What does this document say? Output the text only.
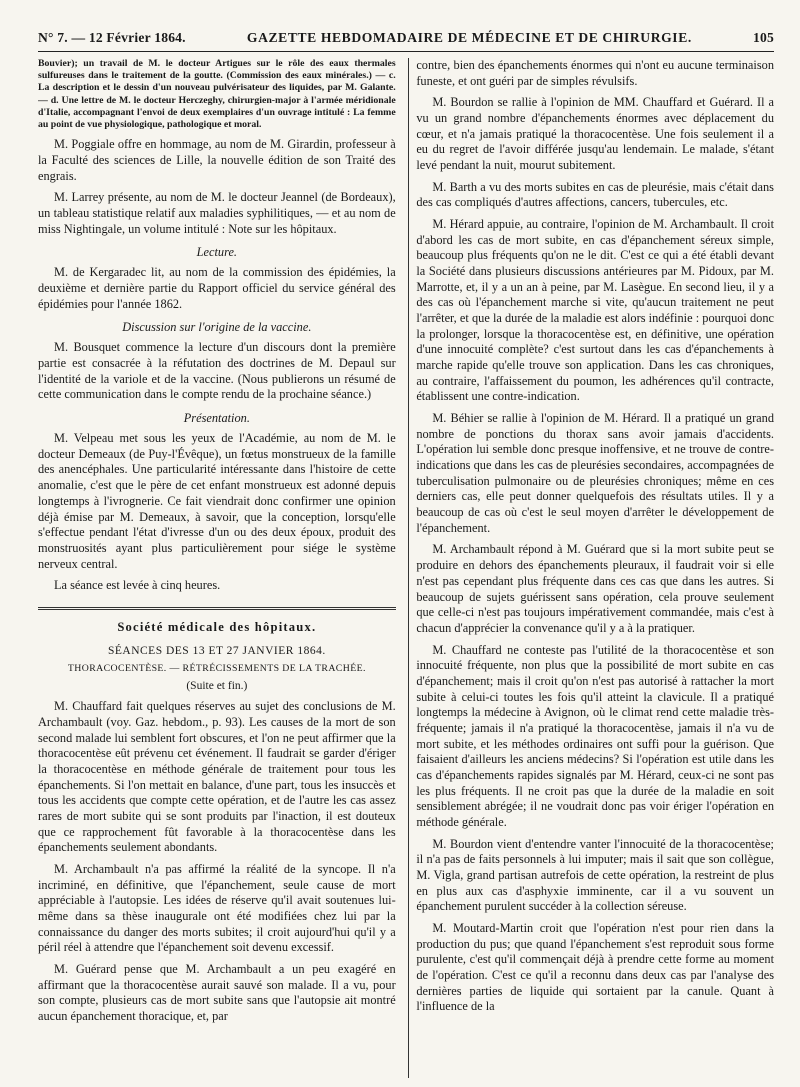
N° 7. — 12 Février 1864.	GAZETTE HEBDOMADAIRE DE MÉDECINE ET DE CHIRURGIE.	105

Bouvier); un travail de M. le docteur Artigues sur le rôle des eaux thermales sulfureuses dans le traitement de la goutte. (Commission des eaux minérales.) — c. La description et le dessin d'un nouveau pulvérisateur des liquides, par M. Galante. — d. Une lettre de M. le docteur Herczeghy, chirurgien-major à l'armée méridionale d'Italie, accompagnant l'envoi de deux exemplaires d'un ouvrage intitulé : La femme au point de vue physiologique, pathologique et moral.

M. Poggiale offre en hommage, au nom de M. Girardin, professeur à la Faculté des sciences de Lille, la nouvelle édition de son Traité des engrais.

M. Larrey présente, au nom de M. le docteur Jeannel (de Bordeaux), un tableau statistique relatif aux maladies syphilitiques, — et au nom de miss Nightingale, un volume intitulé : Note sur les hôpitaux.

Lecture.

M. de Kergaradec lit, au nom de la commission des épidémies, la deuxième et dernière partie du Rapport officiel du service général des épidémies pour l'année 1862.

Discussion sur l'origine de la vaccine.

M. Bousquet commence la lecture d'un discours dont la première partie est consacrée à la réfutation des doctrines de M. Depaul sur l'identité de la variole et de la vaccine. (Nous publierons un résumé de cette communication dans le compte rendu de la prochaine séance.)

Présentation.

M. Velpeau met sous les yeux de l'Académie, au nom de M. le docteur Demeaux (de Puy-l'Évêque), un fœtus monstrueux de la famille des anencéphales. Une particularité intéressante dans l'histoire de cette anomalie, c'est que le père de cet enfant monstrueux est adonné depuis longtemps à l'ivrognerie. Ce fait viendrait donc confirmer une opinion déjà émise par M. Demeaux, à savoir, que la conception, lorsqu'elle s'effectue pendant l'état d'ivresse d'un ou des deux époux, produit des monstruosités ayant plus particulièrement pour siége le système nerveux central.

La séance est levée à cinq heures.

Société médicale des hôpitaux.
SÉANCES DES 13 ET 27 JANVIER 1864.
THORACOCENTÈSE. — RÉTRÉCISSEMENTS DE LA TRACHÉE.
(Suite et fin.)

M. Chauffard fait quelques réserves au sujet des conclusions de M. Archambault (voy. Gaz. hebdom., p. 93). Les causes de la mort de son second malade lui semblent fort obscures, et l'on ne peut affirmer que la thoracocentèse eût prévenu cet événement. Il faudrait se garder d'ériger la thoracocentèse en méthode générale de traitement pour tous les épanchements. Si l'on mettait en balance, d'une part, tous les insuccès et tous les accidents que compte cette opération, et de l'autre les cas assez rares de mort subite qui se sont produits par l'inaction, il est douteux que ce rapprochement fût favorable à la thoracocentèse dans les épanchements seulement abondants.

M. Archambault n'a pas affirmé la réalité de la syncope. Il n'a incriminé, en définitive, que l'épanchement, seule cause de mort appréciable à l'autopsie. Les idées de réserve qu'il avait soutenues lui-même dans sa thèse inaugurale ont été modifiées chez lui par la connaissance du danger des morts subites; il croit aujourd'hui qu'il y a péril réel à attendre que l'épanchement soit devenu excessif.

M. Guérard pense que M. Archambault a un peu exagéré en affirmant que la thoracocentèse aurait sauvé son malade. Il a vu, pour son compte, plusieurs cas de mort subite sans que l'autopsie ait montré aucun épanchement thoracique, et, par

contre, bien des épanchements énormes qui n'ont eu aucune terminaison funeste, et ont guéri par de simples révulsifs.

M. Bourdon se rallie à l'opinion de MM. Chauffard et Guérard. Il a vu un grand nombre d'épanchements énormes avec déplacement du cœur, et n'a jamais pratiqué la thoracocentèse. Une fois seulement il a eu du regret de l'avoir différée jusqu'au lendemain. Le malade, s'étant levé pendant la nuit, mourut subitement.

M. Barth a vu des morts subites en cas de pleurésie, mais c'était dans des cas compliqués d'autres affections, cancers, tubercules, etc.

M. Hérard appuie, au contraire, l'opinion de M. Archambault. Il croit d'abord les cas de mort subite, en cas d'épanchement séreux simple, beaucoup plus fréquents qu'on ne le dit. C'est ce qui a été établi devant la Société dans plusieurs discussions antérieures par M. Pidoux, par M. Marrotte, et, il y a un an à peine, par M. Lasègue. En second lieu, il y a des cas où l'épanchement marche si vite, qu'aucun traitement ne peut l'arrêter, et que la durée de la maladie est alors indéfinie : pourquoi donc la prolonger, lorsque la thoracocentèse est, en définitive, une opération d'une innocuité complète? c'est surtout dans les cas d'épanchements à marche rapide qu'elle trouve son application. Dans les cas chroniques, au contraire, l'affaissement du poumon, les adhérences qu'il contracte, établissent une contre-indication.

M. Béhier se rallie à l'opinion de M. Hérard. Il a pratiqué un grand nombre de ponctions du thorax sans avoir jamais d'accidents. L'opération lui semble donc presque inoffensive, et ne trouve de contre-indications que dans les cas de pleurésies secondaires, accompagnées de tuberculisation pulmonaire ou de pleurésies chroniques; même en ces derniers cas, elle peut donner quelquefois des résultats utiles. Il y a beaucoup de cas où c'est le seul moyen d'arrêter le développement de l'épanchement.

M. Archambault répond à M. Guérard que si la mort subite peut se produire en dehors des épanchements pleuraux, il faudrait voir si elle n'est pas cependant plus fréquente dans ces cas que dans les autres. Si beaucoup de sujets guérissent sans opération, cela prouve seulement que celle-ci n'est pas toujours impérativement commandée, mais c'est à chacun d'apprécier la convenance qu'il y a à la pratiquer.

M. Chauffard ne conteste pas l'utilité de la thoracocentèse et son innocuité fréquente, non plus que la possibilité de mort subite en cas d'épanchement; mais il croit qu'on n'est pas autorisé à rattacher la mort subite à celui-ci toutes les fois qu'il atteint la clavicule. Il a pratiqué longtemps la médecine à Avignon, où le climat rend cette maladie très-fréquente; jamais il n'a pratiqué la thoracocentèse, jamais il n'a vu de mort subite, et les méthodes ordinaires ont suffi pour la guérison. Que faisaient d'ailleurs les anciens médecins? Si l'opération est utile dans les cas d'épanchements rapides signalés par M. Hérard, ceux-ci ne sont pas les plus fréquents. Il ne croit pas que la durée de la maladie en soit sensiblement abrégée; il ne voudrait donc pas voir ériger l'opération en méthode générale.

M. Bourdon vient d'entendre vanter l'innocuité de la thoracocentèse; il n'a pas de faits personnels à lui imputer; mais il sait que son collègue, M. Vigla, grand partisan autrefois de cette opération, la restreint de plus en plus aux cas d'asphyxie imminente, car il a vu souvent un épanchement purulent succéder à la collection séreuse.

M. Moutard-Martin croit que l'opération n'est pour rien dans la production du pus; que quand l'épanchement s'est reproduit sous forme purulente, c'est qu'il commençait déjà à prendre cette forme au moment de l'opération. C'est ce qu'il a reconnu dans deux cas par l'analyse des dernières parties de liquide qui sortaient par la canule. Quant à l'influence de la
